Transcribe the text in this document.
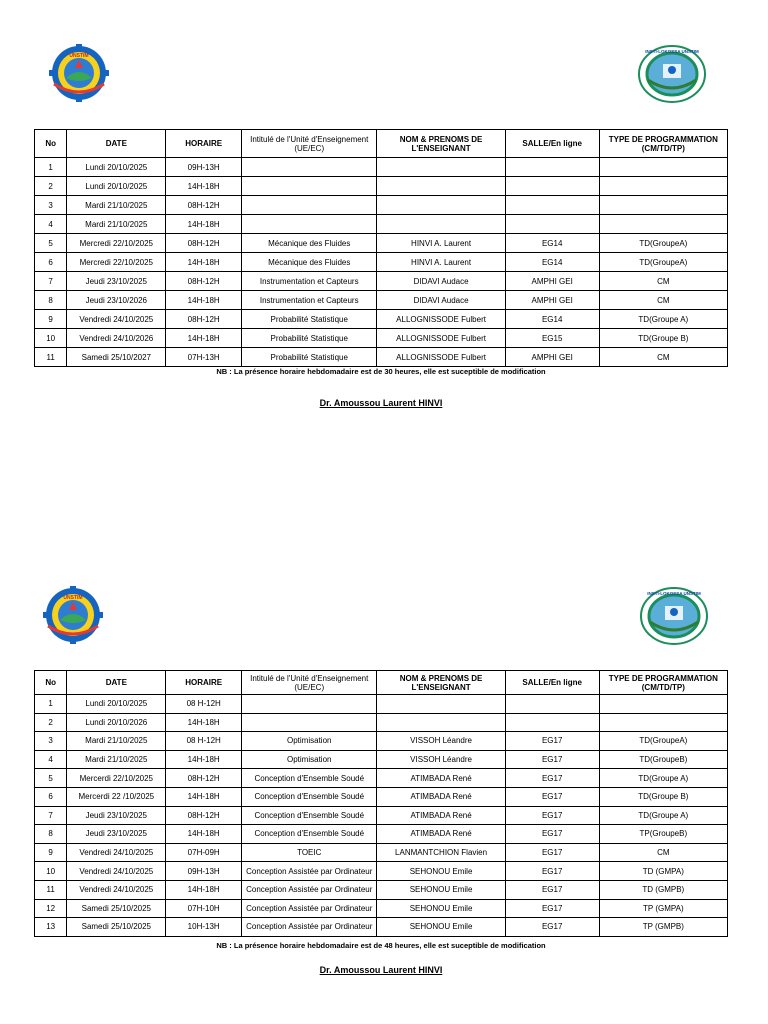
UNSTIM
INSTI-LOKOSSA UNSTIM
No	DATE	HORAIRE	Intitulé de l'Unité d'Enseignement (UE/EC)	NOM & PRENOMS DE L'ENSEIGNANT	SALLE/En ligne	TYPE DE PROGRAMMATION (CM/TD/TP)
1	Lundi 20/10/2025	09H-13H				
2	Lundi 20/10/2025	14H-18H				
3	Mardi 21/10/2025	08H-12H				
4	Mardi 21/10/2025	14H-18H				
5	Mercredi 22/10/2025	08H-12H	Mécanique des Fluides	HINVI A. Laurent	EG14	TD(GroupeA)
6	Mercredi 22/10/2025	14H-18H	Mécanique des Fluides	HINVI A. Laurent	EG14	TD(GroupeA)
7	Jeudi 23/10/2025	08H-12H	Instrumentation et Capteurs	DIDAVI Audace	AMPHI GEI	CM
8	Jeudi 23/10/2026	14H-18H	Instrumentation et Capteurs	DIDAVI Audace	AMPHI GEI	CM
9	Vendredi 24/10/2025	08H-12H	Probabilité Statistique	ALLOGNISSODE Fulbert	EG14	TD(Groupe A)
10	Vendredi 24/10/2026	14H-18H	Probabilité Statistique	ALLOGNISSODE Fulbert	EG15	TD(Groupe B)
11	Samedi 25/10/2027	07H-13H	Probabilité Statistique	ALLOGNISSODE Fulbert	AMPHI GEI	CM
NB : La présence horaire hebdomadaire est de 30 heures, elle est suceptible de modification
Dr. Amoussou Laurent HINVI
UNSTIM
INSTI-LOKOSSA UNSTIM
No	DATE	HORAIRE	Intitulé de l'Unité d'Enseignement (UE/EC)	NOM & PRENOMS DE L'ENSEIGNANT	SALLE/En ligne	TYPE DE PROGRAMMATION (CM/TD/TP)
1	Lundi 20/10/2025	08 H-12H				
2	Lundi 20/10/2026	14H-18H				
3	Mardi 21/10/2025	08 H-12H	Optimisation	VISSOH Léandre	EG17	TD(GroupeA)
4	Mardi 21/10/2025	14H-18H	Optimisation	VISSOH Léandre	EG17	TD(GroupeB)
5	Mercerdi 22/10/2025	08H-12H	Conception d'Ensemble Soudé	ATIMBADA René	EG17	TD(Groupe A)
6	Mercerdi 22 /10/2025	14H-18H	Conception d'Ensemble Soudé	ATIMBADA René	EG17	TD(Groupe B)
7	Jeudi 23/10/2025	08H-12H	Conception d'Ensemble Soudé	ATIMBADA René	EG17	TD(Groupe A)
8	Jeudi 23/10/2025	14H-18H	Conception d'Ensemble Soudé	ATIMBADA René	EG17	TP(GroupeB)
9	Vendredi 24/10/2025	07H-09H	TOEIC	LANMANTCHION Flavien	EG17	CM
10	Vendredi 24/10/2025	09H-13H	Conception Assistée par Ordinateur	SEHONOU Emile	EG17	TD (GMPA)
11	Vendredi 24/10/2025	14H-18H	Conception Assistée par Ordinateur	SEHONOU Emile	EG17	TD (GMPB)
12	Samedi 25/10/2025	07H-10H	Conception Assistée par Ordinateur	SEHONOU Emile	EG17	TP (GMPA)
13	Samedi 25/10/2025	10H-13H	Conception Assistée par Ordinateur	SEHONOU Emile	EG17	TP (GMPB)
NB : La présence horaire hebdomadaire est de 48 heures, elle est suceptible de modification
Dr. Amoussou Laurent HINVI
